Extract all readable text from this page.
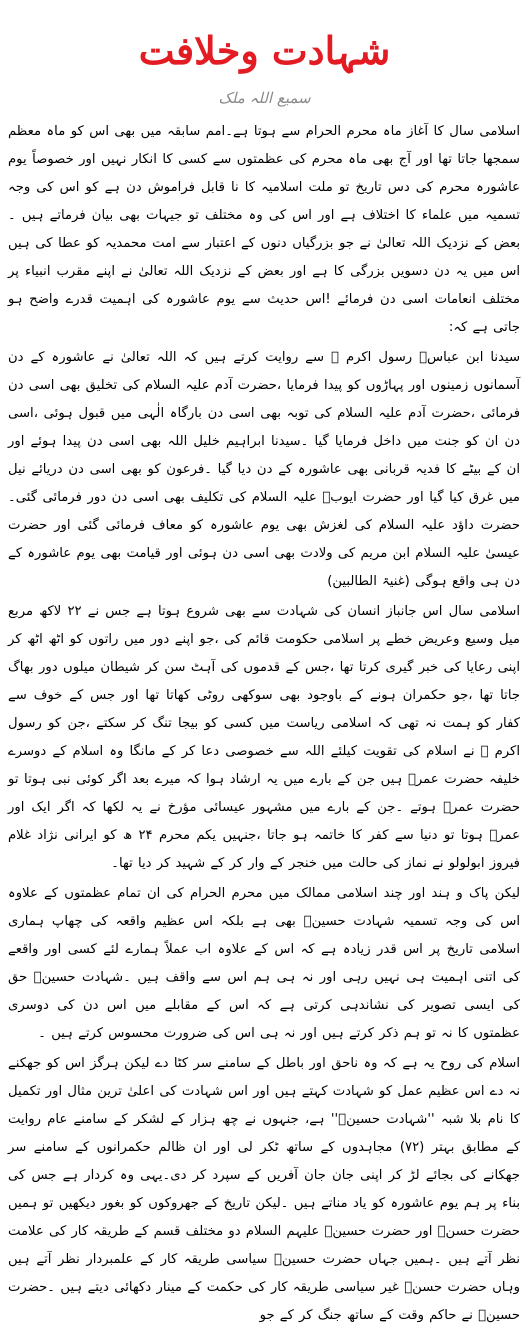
شہادت وخلافت
سمیع اللہ ملک

اسلامی سال کا آغاز ماہ محرم الحرام سے ہوتا ہے۔امم سابقہ میں بھی اس کو ماہ معظم سمجھا جاتا تھا اور آج بھی ماہ محرم کی عظمتوں سے کسی کا انکار نہیں اور خصوصاً یوم عاشورہ محرم کی دس تاریخ تو ملت اسلامیہ کا نا قابل فراموش دن ہے کو اس کی وجہ تسمیہ میں علماء کا اختلاف ہے اور اس کی وہ مختلف تو جیہات بھی بیان فرماتے ہیں ۔بعض کے نزدیک اللہ تعالیٰ نے جو بزرگیاں دنوں کے اعتبار سے امت محمدیہ کو عطا کی ہیں اس میں یہ دن دسویں بزرگی کا ہے اور بعض کے نزدیک اللہ تعالیٰ نے اپنے مقرب انبیاء پر مختلف انعامات اسی دن فرمائے !اس حدیث سے یوم عاشورہ کی اہمیت قدرے واضح ہو جاتی ہے کہ:

سیدنا ابن عباسؓ رسول اکرم ﷺ سے روایت کرتے ہیں کہ اللہ تعالیٰ نے عاشورہ کے دن آسمانوں زمینوں اور پہاڑوں کو پیدا فرمایا ،حضرت آدم علیہ السلام کی تخلیق بھی اسی دن فرمائی ،حضرت آدم علیہ السلام کی توبہ بھی اسی دن بارگاہ الٰہی میں قبول ہوئی ،اسی دن ان کو جنت میں داخل فرمایا گیا ۔سیدنا ابراہیم خلیل اللہ بھی اسی دن پیدا ہوئے اور ان کے بیٹے کا فدیہ قربانی بھی عاشورہ کے دن دیا گیا ۔فرعون کو بھی اسی دن دریائے نیل میں غرق کیا گیا اور حضرت ایوبؑ علیہ السلام کی تکلیف بھی اسی دن دور فرمائی گئی۔حضرت داؤد علیہ السلام کی لغزش بھی یوم عاشورہ کو معاف فرمائی گئی اور حضرت عیسیٰ علیہ السلام ابن مریم کی ولادت بھی اسی دن ہوئی اور قیامت بھی یوم عاشورہ کے دن ہی واقع ہوگی (غنیۃ الطالبین)

اسلامی سال اس جانباز انسان کی شہادت سے بھی شروع ہوتا ہے جس نے ۲۲ لاکھ مربع میل وسیع وعریض خطے پر اسلامی حکومت قائم کی ،جو اپنے دور میں راتوں کو اٹھ اٹھ کر اپنی رعایا کی خبر گیری کرتا تھا ،جس کے قدموں کی آہٹ سن کر شیطان میلوں دور بھاگ جاتا تھا ،جو حکمران ہونے کے باوجود بھی سوکھی روٹی کھاتا تھا اور جس کے خوف سے کفار کو ہمت نہ تھی کہ اسلامی ریاست میں کسی کو بیجا تنگ کر سکتے ،جن کو رسول اکرم ﷺ نے اسلام کی تقویت کیلئے اللہ سے خصوصی دعا کر کے مانگا وہ اسلام کے دوسرے خلیفہ حضرت عمرؓ ہیں جن کے بارے میں یہ ارشاد ہوا کہ میرے بعد اگر کوئی نبی ہوتا تو حضرت عمرؓ ہوتے ۔جن کے بارے میں مشہور عیسائی مؤرخ نے یہ لکھا کہ اگر ایک اور عمرؓ ہوتا تو دنیا سے کفر کا خاتمہ ہو جاتا ،جنہیں یکم محرم ۲۴ ھ کو ایرانی نژاد غلام فیروز ابولولو نے نماز کی حالت میں خنجر کے وار کر کے شہید کر دیا تھا۔

لیکن پاک و ہند اور چند اسلامی ممالک میں محرم الحرام کی ان تمام عظمتوں کے علاوہ اس کی وجہ تسمیہ شہادت حسینؓ بھی ہے بلکہ اس عظیم واقعہ کی چھاپ ہماری اسلامی تاریخ پر اس قدر زیادہ ہے کہ اس کے علاوہ اب عملاً ہمارے لئے کسی اور واقعے کی اتنی اہمیت ہی نہیں رہی اور نہ ہی ہم اس سے واقف ہیں ۔شہادت حسینؓ حق کی ایسی تصویر کی نشاندہی کرتی ہے کہ اس کے مقابلے میں اس دن کی دوسری عظمتوں کا نہ تو ہم ذکر کرتے ہیں اور نہ ہی اس کی ضرورت محسوس کرتے ہیں ۔

اسلام کی روح یہ ہے کہ وہ ناحق اور باطل کے سامنے سر کٹا دے لیکن ہرگز اس کو جھکنے نہ دے اس عظیم عمل کو شہادت کہتے ہیں اور اس شہادت کی اعلیٰ ترین مثال اور تکمیل کا نام بلا شبہ ''شہادت حسینؓ'' ہے، جنہوں نے چھ ہزار کے لشکر کے سامنے عام روایت کے مطابق بہتر (۷۲) مجاہدوں کے ساتھ ٹکر لی اور ان ظالم حکمرانوں کے سامنے سر جھکانے کی بجائے لڑ کر اپنی جان جان آفریں کے سپرد کر دی۔یہی وہ کردار ہے جس کی بناء پر ہم یوم عاشورہ کو یاد مناتے ہیں ۔لیکن تاریخ کے جھروکوں کو بغور دیکھیں تو ہمیں حضرت حسنؓ اور حضرت حسینؓ علیہم السلام دو مختلف قسم کے طریقہ کار کی علامت نظر آتے ہیں ۔ہمیں جہاں حضرت حسینؓ سیاسی طریقہ کار کے علمبردار نظر آتے ہیں وہاں حضرت حسنؓ غیر سیاسی طریقہ کار کی حکمت کے مینار دکھائی دیتے ہیں ۔حضرت حسینؓ نے حاکم وقت کے ساتھ جنگ کر کے جو
